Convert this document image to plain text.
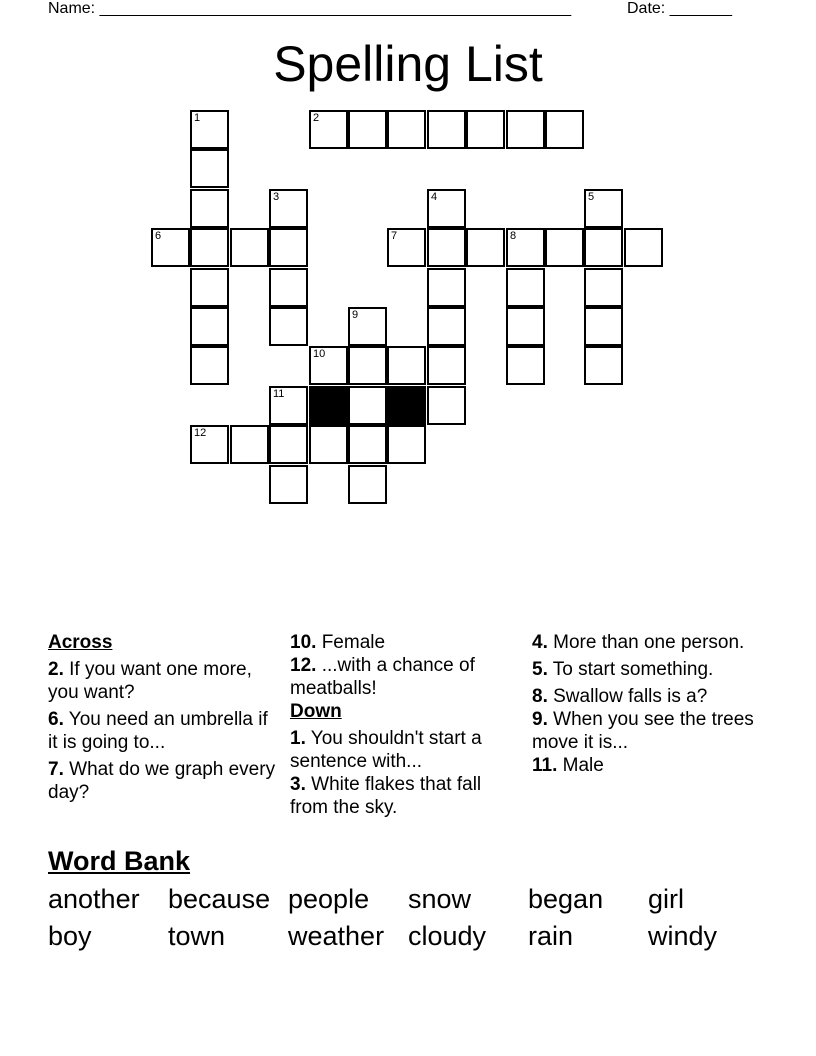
Name: _____________________________________________________	Date: _______
Spelling List
1	2
3	4	5
6	7	8
9
10
11
12
Across
2. If you want one more, you want?
6. You need an umbrella if it is going to...
7. What do we graph every day?
10. Female
12. ...with a chance of meatballs!
Down
1. You shouldn't start a sentence with...
3. White flakes that fall from the sky.
4. More than one person.
5. To start something.
8. Swallow falls is a?
9. When you see the trees move it is...
11. Male
Word Bank
another because people snow began girl
boy	town weather cloudy rain	windy
